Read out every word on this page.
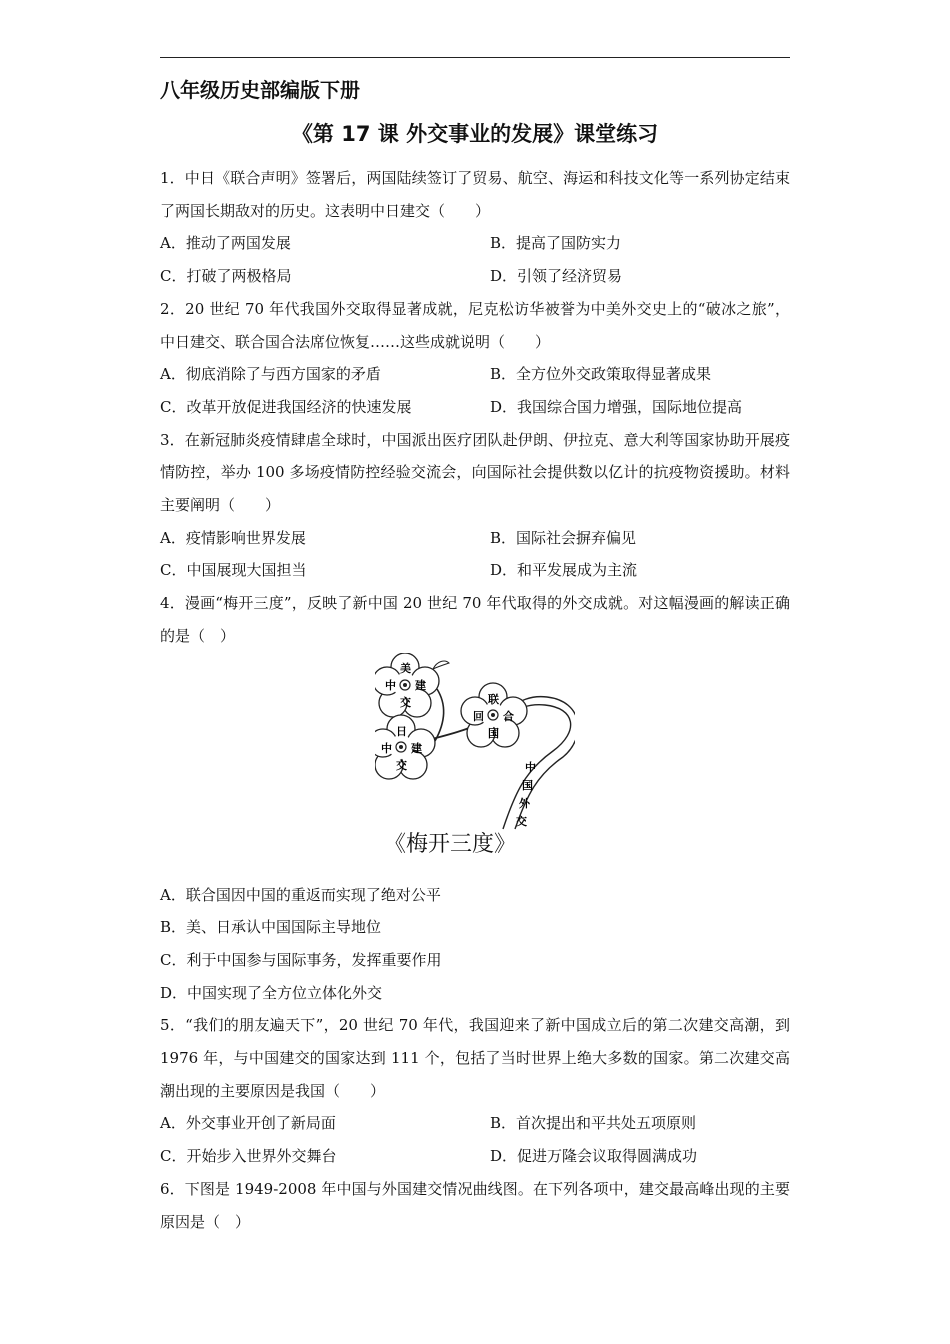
八年级历史部编版下册
《第 17 课 外交事业的发展》课堂练习

1．中日《联合声明》签署后，两国陆续签订了贸易、航空、海运和科技文化等一系列协定结束了两国长期敌对的历史。这表明中日建交（　　）

A．推动了两国发展	B．提高了国防实力
C．打破了两极格局	D．引领了经济贸易

2．20 世纪 70 年代我国外交取得显著成就，尼克松访华被誉为中美外交史上的“破冰之旅”，中日建交、联合国合法席位恢复……这些成就说明（　　）

A．彻底消除了与西方国家的矛盾	B．全方位外交政策取得显著成果
C．改革开放促进我国经济的快速发展	D．我国综合国力增强，国际地位提高

3．在新冠肺炎疫情肆虐全球时，中国派出医疗团队赴伊朗、伊拉克、意大利等国家协助开展疫情防控，举办 100 多场疫情防控经验交流会，向国际社会提供数以亿计的抗疫物资援助。材料主要阐明（　　）

A．疫情影响世界发展	B．国际社会摒弃偏见
C．中国展现大国担当	D．和平发展成为主流

4．漫画“梅开三度”，反映了新中国 20 世纪 70 年代取得的外交成就。对这幅漫画的解读正确的是（　）

美
建
交
中
联
合
国
回
日
建
交
中
中
国
外
交
《梅开三度》
A．联合国因中国的重返而实现了绝对公平
B．美、日承认中国国际主导地位
C．利于中国参与国际事务，发挥重要作用
D．中国实现了全方位立体化外交

5．“我们的朋友遍天下”，20 世纪 70 年代，我国迎来了新中国成立后的第二次建交高潮，到 1976 年，与中国建交的国家达到 111 个，包括了当时世界上绝大多数的国家。第二次建交高潮出现的主要原因是我国（　　）

A．外交事业开创了新局面	B．首次提出和平共处五项原则
C．开始步入世界外交舞台	D．促进万隆会议取得圆满成功

6．下图是 1949-2008 年中国与外国建交情况曲线图。在下列各项中，建交最高峰出现的主要原因是（　）
